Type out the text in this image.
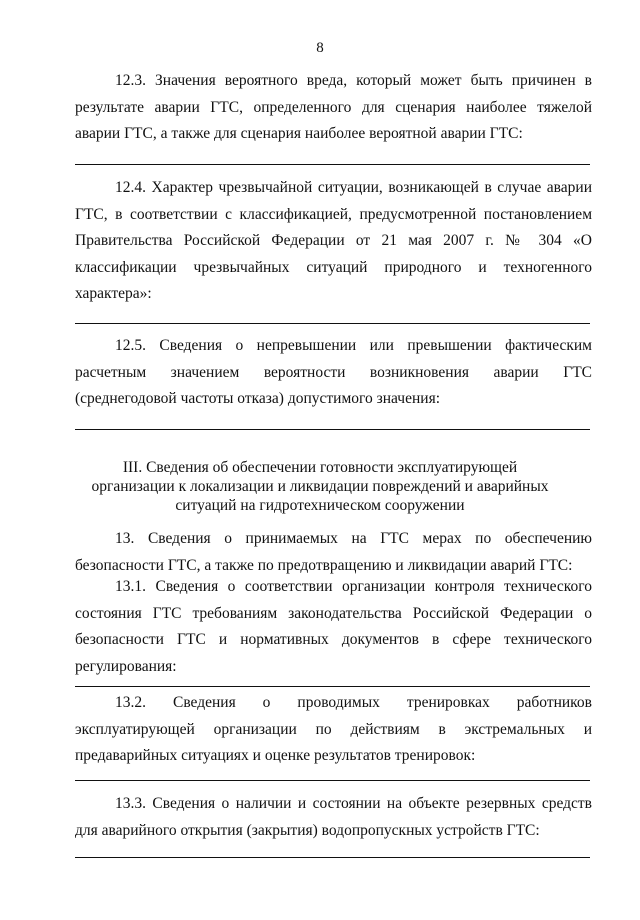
8

12.3. Значения вероятного вреда, который может быть причинен в результате аварии ГТС, определенного для сценария наиболее тяжелой аварии ГТС, а также для сценария наиболее вероятной аварии ГТС:

12.4. Характер чрезвычайной ситуации, возникающей в случае аварии ГТС, в соответствии с классификацией, предусмотренной постановлением Правительства Российской Федерации от 21 мая 2007 г. № 304 «О классификации чрезвычайных ситуаций природного и техногенного характера»:

12.5. Сведения о непревышении или превышении фактическим расчетным значением вероятности возникновения аварии ГТС (среднегодовой частоты отказа) допустимого значения:

III. Сведения об обеспечении готовности эксплуатирующей
организации к локализации и ликвидации повреждений и аварийных
ситуаций на гидротехническом сооружении

13. Сведения о принимаемых на ГТС мерах по обеспечению безопасности ГТС, а также по предотвращению и ликвидации аварий ГТС:

13.1. Сведения о соответствии организации контроля технического состояния ГТС требованиям законодательства Российской Федерации о безопасности ГТС и нормативных документов в сфере технического регулирования:

13.2. Сведения о проводимых тренировках работников эксплуатирующей организации по действиям в экстремальных и предаварийных ситуациях и оценке результатов тренировок:

13.3. Сведения о наличии и состоянии на объекте резервных средств для аварийного открытия (закрытия) водопропускных устройств ГТС:
